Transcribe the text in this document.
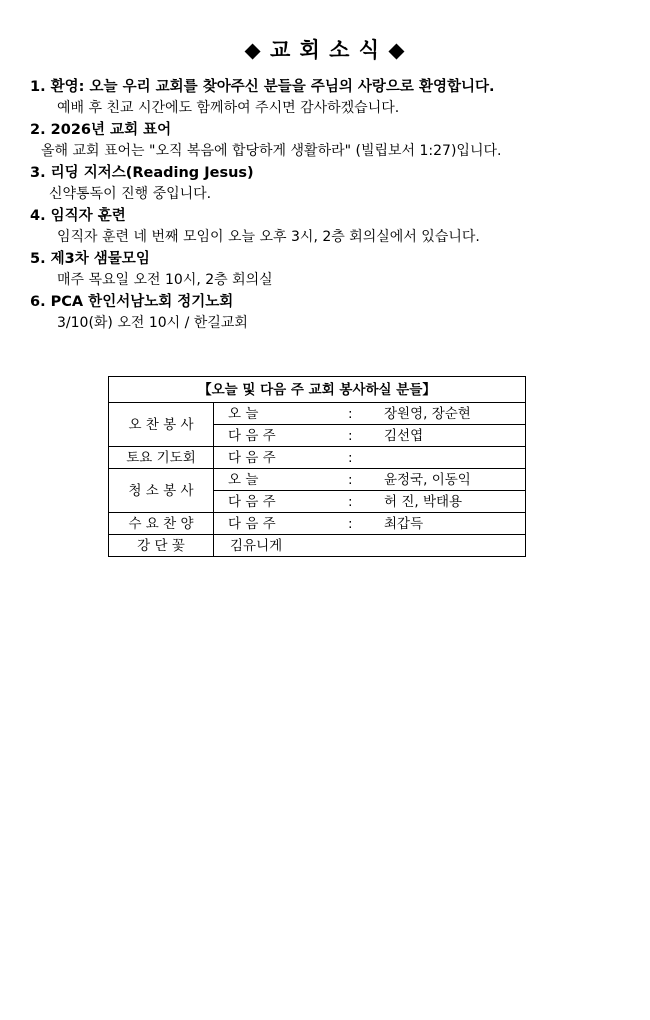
◆ 교 회 소 식 ◆
1. 환영: 오늘 우리 교회를 찾아주신 분들을 주님의 사랑으로 환영합니다.
예배 후 친교 시간에도 함께하여 주시면 감사하겠습니다.
2. 2026년 교회 표어
올해 교회 표어는 "오직 복음에 합당하게 생활하라" (빌립보서 1:27)입니다.
3. 리딩 지저스(Reading Jesus)
신약통독이 진행 중입니다.
4. 임직자 훈련
임직자 훈련 네 번째 모임이 오늘 오후 3시, 2층 회의실에서 있습니다.
5. 제3차 샘물모임
매주 목요일 오전 10시, 2층 회의실
6. PCA 한인서남노회 정기노회
3/10(화) 오전 10시 / 한길교회
【오늘 및 다음 주 교회 봉사하실 분들】	
오 찬 봉 사	오 늘 : 장원영, 장순현
	다 음 주 : 김선엽
토요 기도회	다 음 주 :
청 소 봉 사	오 늘 : 윤정국, 이동익
	다 음 주 : 허 진, 박태용
수 요 찬 양	다 음 주 : 최갑득
강 단 꽃	김유니게
